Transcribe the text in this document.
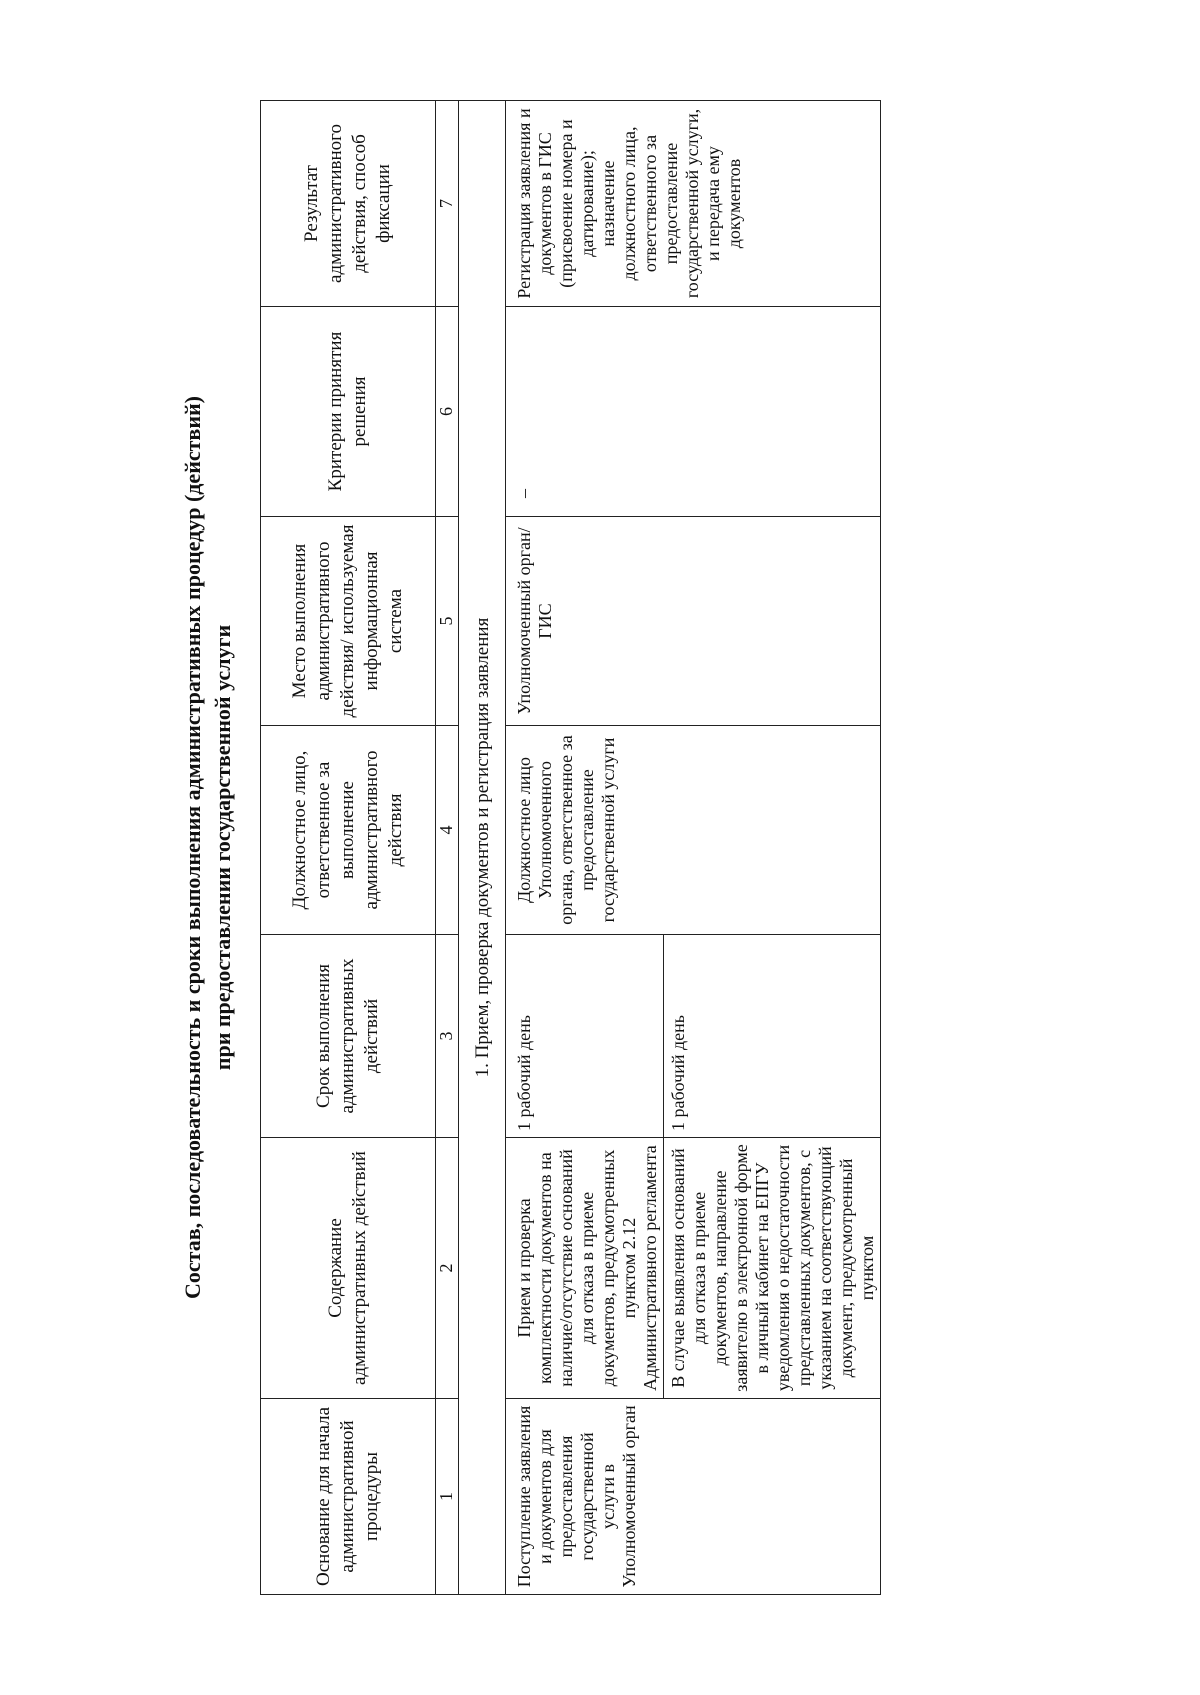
Состав, последовательность и сроки выполнения административных процедур (действий) при предоставлении государственной услуги
Основание для начала административной процедуры	Содержание административных действий	Срок выполнения административных действий	Должностное лицо, ответственное за выполнение административного действия	Место выполнения административного действия/ используемая информационная система	Критерии принятия решения	Результат административного действия, способ фиксации
1	2	3	4	5	6	7
1. Прием, проверка документов и регистрация заявления						
Поступление заявления и документов для предоставления государственной услуги в Уполномоченный орган	Прием и проверка комплектности документов на наличие/отсутствие оснований для отказа в приеме документов, предусмотренных пунктом 2.12 Административного регламента	1 рабочий день	Должностное лицо Уполномоченного органа, ответственное за предоставление государственной услуги	Уполномоченный орган/ГИС	–	Регистрация заявления и документов в ГИС (присвоение номера и датирование); назначение должностного лица, ответственного за предоставление государственной услуги, и передача ему документов
	В случае выявления оснований для отказа в приеме документов, направление заявителю в электронной форме в личный кабинет на ЕПГУ уведомления о недостаточности представленных документов, с указанием на соответствующий документ, предусмотренный пунктом	1 рабочий день				
